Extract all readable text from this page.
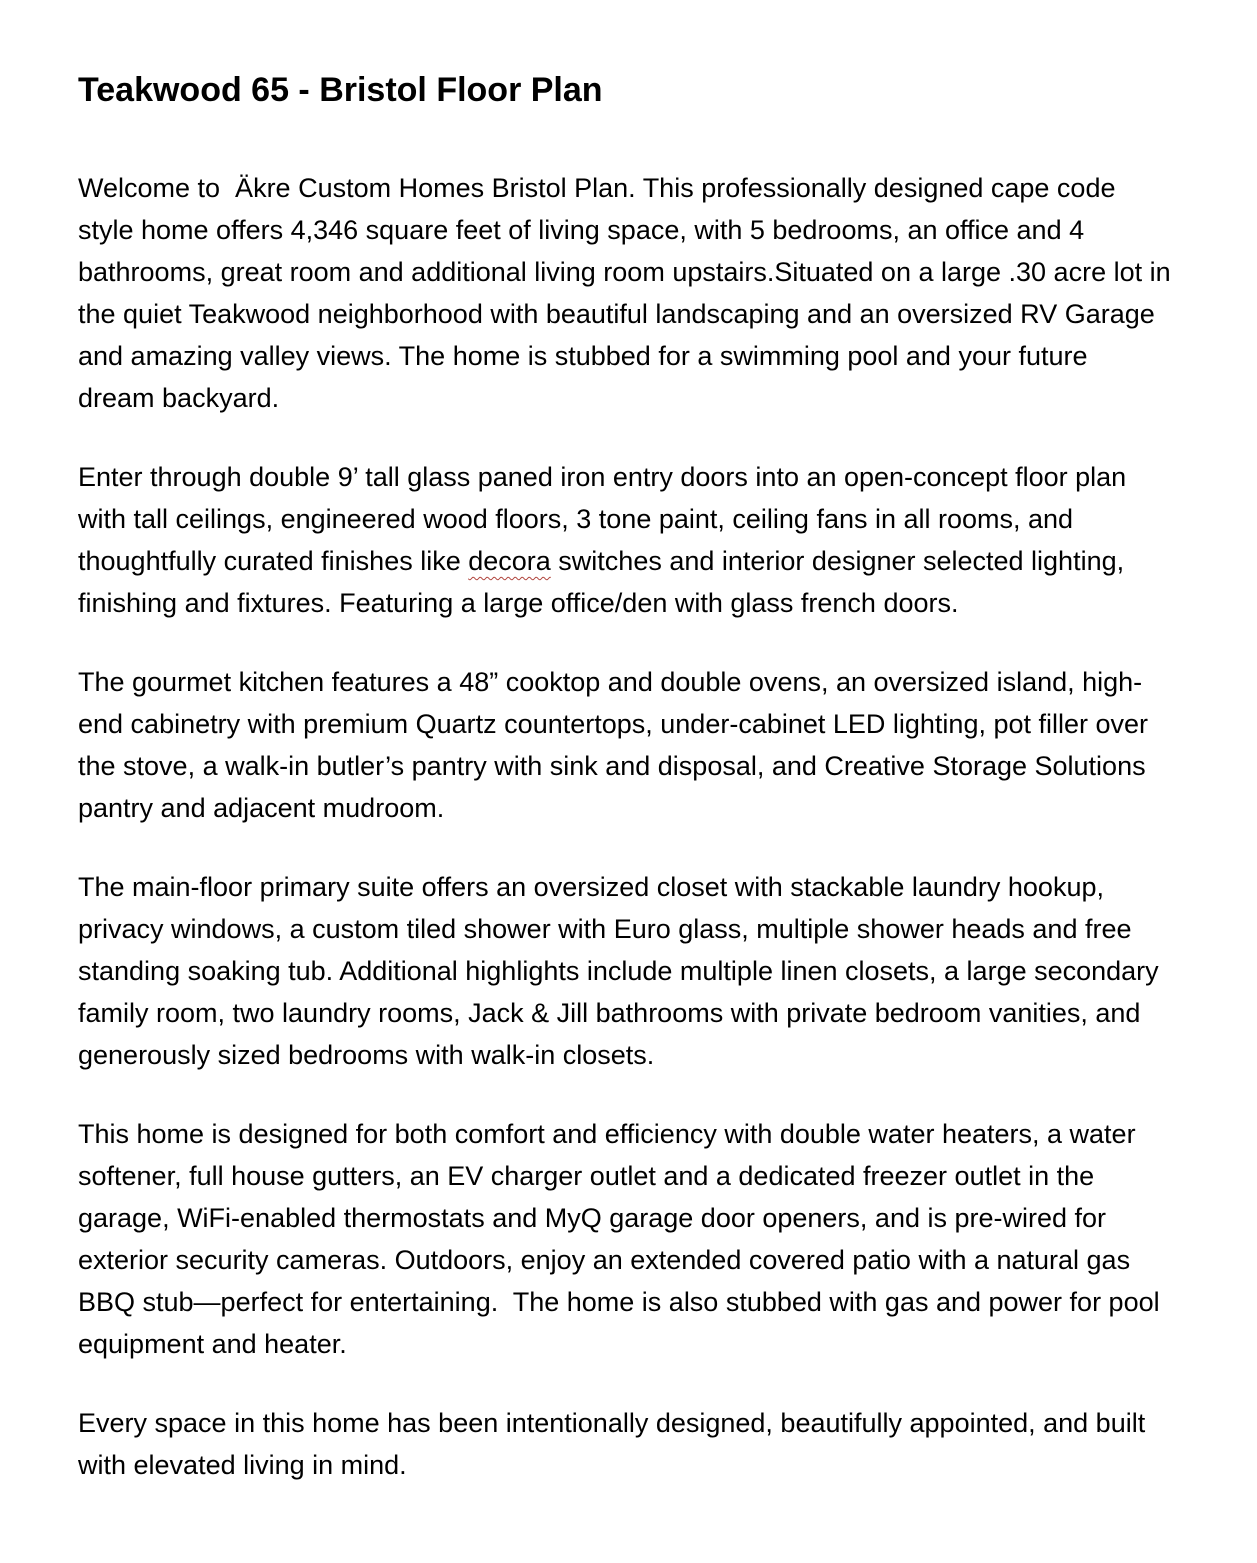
Teakwood 65 - Bristol Floor Plan

Welcome to  Äkre Custom Homes Bristol Plan. This professionally designed cape code style home offers 4,346 square feet of living space, with 5 bedrooms, an office and 4 bathrooms, great room and additional living room upstairs.Situated on a large .30 acre lot in the quiet Teakwood neighborhood with beautiful landscaping and an oversized RV Garage and amazing valley views. The home is stubbed for a swimming pool and your future dream backyard.

Enter through double 9’ tall glass paned iron entry doors into an open-concept floor plan with tall ceilings, engineered wood floors, 3 tone paint, ceiling fans in all rooms, and thoughtfully curated finishes like decora switches and interior designer selected lighting, finishing and fixtures. Featuring a large office/den with glass french doors.

The gourmet kitchen features a 48” cooktop and double ovens, an oversized island, high-end cabinetry with premium Quartz countertops, under-cabinet LED lighting, pot filler over the stove, a walk-in butler’s pantry with sink and disposal, and Creative Storage Solutions pantry and adjacent mudroom.

The main-floor primary suite offers an oversized closet with stackable laundry hookup, privacy windows, a custom tiled shower with Euro glass, multiple shower heads and free standing soaking tub. Additional highlights include multiple linen closets, a large secondary family room, two laundry rooms, Jack & Jill bathrooms with private bedroom vanities, and generously sized bedrooms with walk-in closets.

This home is designed for both comfort and efficiency with double water heaters, a water softener, full house gutters, an EV charger outlet and a dedicated freezer outlet in the garage, WiFi-enabled thermostats and MyQ garage door openers, and is pre-wired for exterior security cameras. Outdoors, enjoy an extended covered patio with a natural gas BBQ stub—perfect for entertaining.  The home is also stubbed with gas and power for pool equipment and heater.

Every space in this home has been intentionally designed, beautifully appointed, and built with elevated living in mind.
